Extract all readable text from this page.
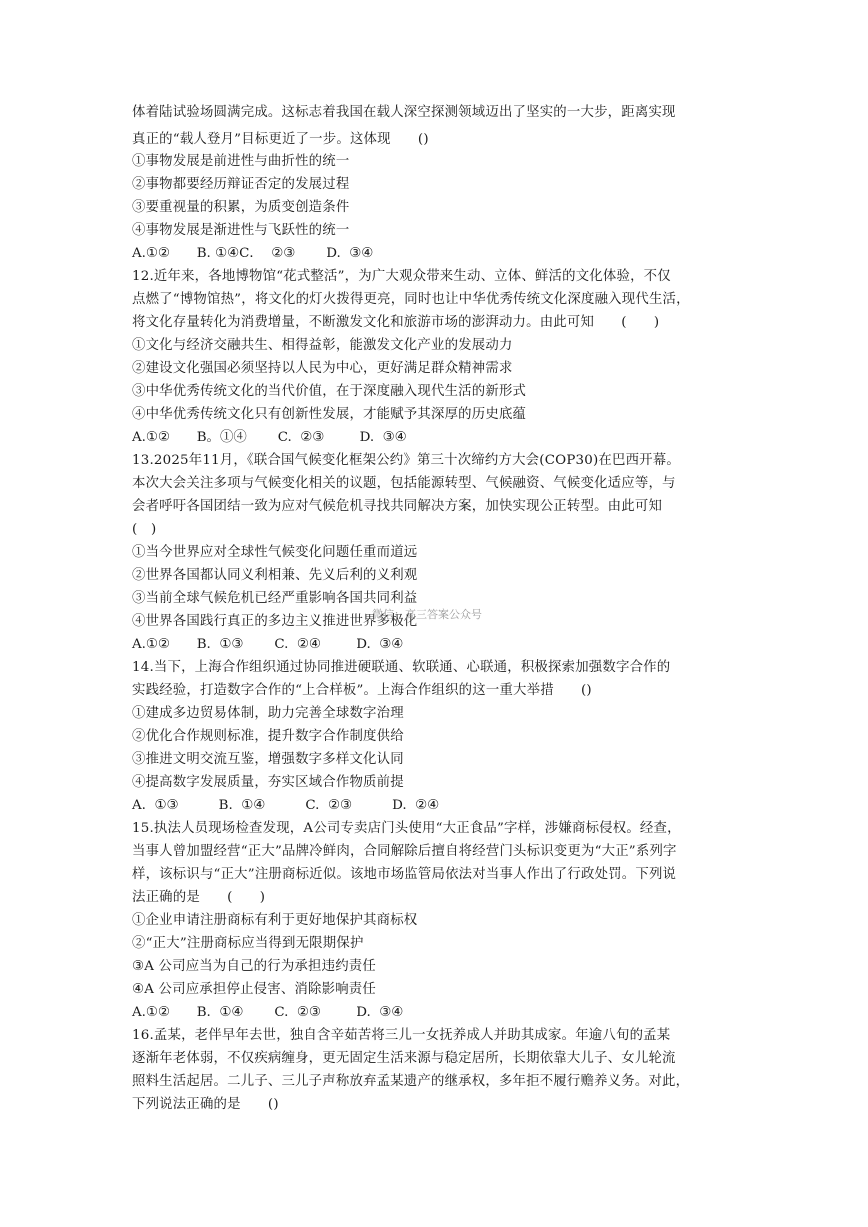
体着陆试验场圆满完成。这标志着我国在载人深空探测领域迈出了坚实的一大步，距离实现
真正的“载人登月”目标更近了一步。这体现　　()
①事物发展是前进性与曲折性的统一
②事物都要经历辩证否定的发展过程
③要重视量的积累，为质变创造条件
④事物发展是渐进性与飞跃性的统一
A.①②　　B. ①④C．  ②③　　 D.  ③④
12.近年来，各地博物馆“花式整活”，为广大观众带来生动、立体、鲜活的文化体验，不仅
点燃了“博物馆热”，将文化的灯火拨得更亮，同时也让中华优秀传统文化深度融入现代生活，
将文化存量转化为消费增量，不断激发文化和旅游市场的澎湃动力。由此可知　　(　　)
①文化与经济交融共生、相得益彰，能激发文化产业的发展动力
②建设文化强国必须坚持以人民为中心，更好满足群众精神需求
③中华优秀传统文化的当代价值，在于深度融入现代生活的新形式
④中华优秀传统文化只有创新性发展，才能赋予其深厚的历史底蕴
A.①②　　B。①④　　 C.  ②③　　  D.  ③④
13.2025年11月，《联合国气候变化框架公约》第三十次缔约方大会(COP30)在巴西开幕。
本次大会关注多项与气候变化相关的议题，包括能源转型、气候融资、气候变化适应等，与
会者呼吁各国团结一致为应对气候危机寻找共同解决方案，加快实现公正转型。由此可知
(　)
①当今世界应对全球性气候变化问题任重而道远
②世界各国都认同义利相兼、先义后利的义利观
③当前全球气候危机已经严重影响各国共同利益
④世界各国践行真正的多边主义推进世界多极化
微信：高三答案公众号
A.①②　　B.  ①③　　 C.  ②④　　  D.  ③④
14.当下，上海合作组织通过协同推进硬联通、软联通、心联通，积极探索加强数字合作的
实践经验，打造数字合作的“上合样板”。上海合作组织的这一重大举措　　()
①建成多边贸易体制，助力完善全球数字治理
②优化合作规则标准，提升数字合作制度供给
③推进文明交流互鉴，增强数字多样文化认同
④提高数字发展质量，夯实区域合作物质前提
A.  ①③　　　B.  ①④　　　C.  ②③　　　D.  ②④
15.执法人员现场检查发现，A公司专卖店门头使用“大正食品”字样，涉嫌商标侵权。经查，
当事人曾加盟经营“正大”品牌冷鲜肉，合同解除后擅自将经营门头标识变更为“大正”系列字
样，该标识与“正大”注册商标近似。该地市场监管局依法对当事人作出了行政处罚。下列说
法正确的是　　(　　)
①企业申请注册商标有利于更好地保护其商标权
②“正大”注册商标应当得到无限期保护
③A 公司应当为自己的行为承担违约责任
④A 公司应承担停止侵害、消除影响责任
A.①②　　B.  ①④　　 C.  ②③　　  D.  ③④
16.孟某，老伴早年去世，独自含辛茹苦将三儿一女抚养成人并助其成家。年逾八旬的孟某
逐渐年老体弱，不仅疾病缠身，更无固定生活来源与稳定居所，长期依靠大儿子、女儿轮流
照料生活起居。二儿子、三儿子声称放弃孟某遗产的继承权，多年拒不履行赡养义务。对此，
下列说法正确的是　　()
